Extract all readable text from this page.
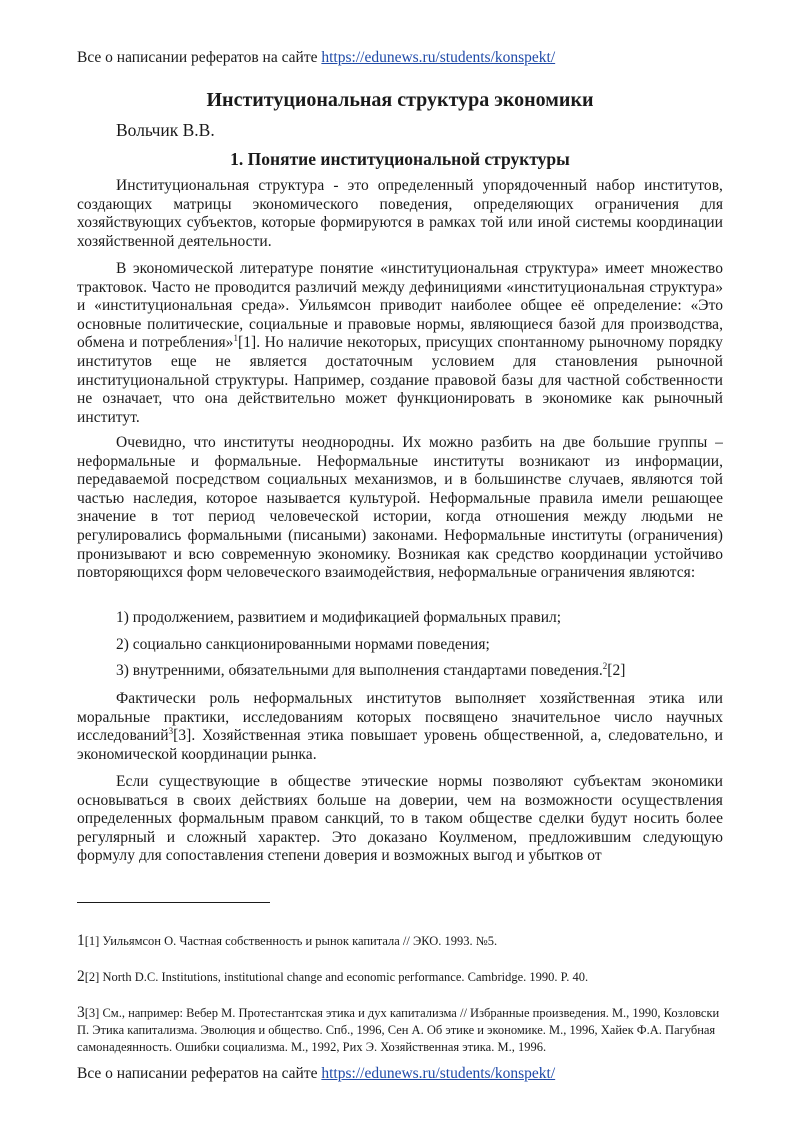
Все о написании рефератов на сайте https://edunews.ru/students/konspekt/
Институциональная структура экономики
Вольчик В.В.
1. Понятие институциональной структуры

Институциональная структура - это определенный упорядоченный набор институтов, создающих матрицы экономического поведения, определяющих ограничения для хозяйствующих субъектов, которые формируются в рамках той или иной системы координации хозяйственной деятельности.

В экономической литературе понятие «институциональная структура» имеет множество трактовок. Часто не проводится различий между дефинициями «институциональная структура» и «институциональная среда». Уильямсон приводит наиболее общее её определение: «Это основные политические, социальные и правовые нормы, являющиеся базой для производства, обмена и потребления»$^1$[1]. Но наличие некоторых, присущих спонтанному рыночному порядку институтов еще не является достаточным условием для становления рыночной институциональной структуры. Например, создание правовой базы для частной собственности не означает, что она действительно может функционировать в экономике как рыночный институт.

Очевидно, что институты неоднородны. Их можно разбить на две большие группы – неформальные и формальные. Неформальные институты возникают из информации, передаваемой посредством социальных механизмов, и в большинстве случаев, являются той частью наследия, которое называется культурой. Неформальные правила имели решающее значение в тот период человеческой истории, когда отношения между людьми не регулировались формальными (писаными) законами. Неформальные институты (ограничения) пронизывают и всю современную экономику. Возникая как средство координации устойчиво повторяющихся форм человеческого взаимодействия, неформальные ограничения являются:

1) продолжением, развитием и модификацией формальных правил;

2) социально санкционированными нормами поведения;

3) внутренними, обязательными для выполнения стандартами поведения.$^2$[2]

Фактически роль неформальных институтов выполняет хозяйственная этика или моральные практики, исследованиям которых посвящено значительное число научных исследований$^3$[3]. Хозяйственная этика повышает уровень общественной, а, следовательно, и экономической координации рынка.

Если существующие в обществе этические нормы позволяют субъектам экономики основываться в своих действиях больше на доверии, чем на возможности осуществления определенных формальным правом санкций, то в таком обществе сделки будут носить более регулярный и сложный характер. Это доказано Коулменом, предложившим следующую формулу для сопоставления степени доверия и возможных выгод и убытков от

1[1] Уильямсон О. Частная собственность и рынок капитала // ЭКО. 1993. №5.

2[2] North D.C. Institutions, institutional change and economic performance. Cambridge. 1990. P. 40.

3[3] См., например: Вебер М. Протестантская этика и дух капитализма // Избранные произведения. М., 1990, Козловски П. Этика капитализма. Эволюция и общество. Спб., 1996, Сен А. Об этике и экономике. М., 1996, Хайек Ф.А. Пагубная самонадеянность. Ошибки социализма. М., 1992, Рих Э. Хозяйственная этика. М., 1996.

Все о написании рефератов на сайте https://edunews.ru/students/konspekt/
